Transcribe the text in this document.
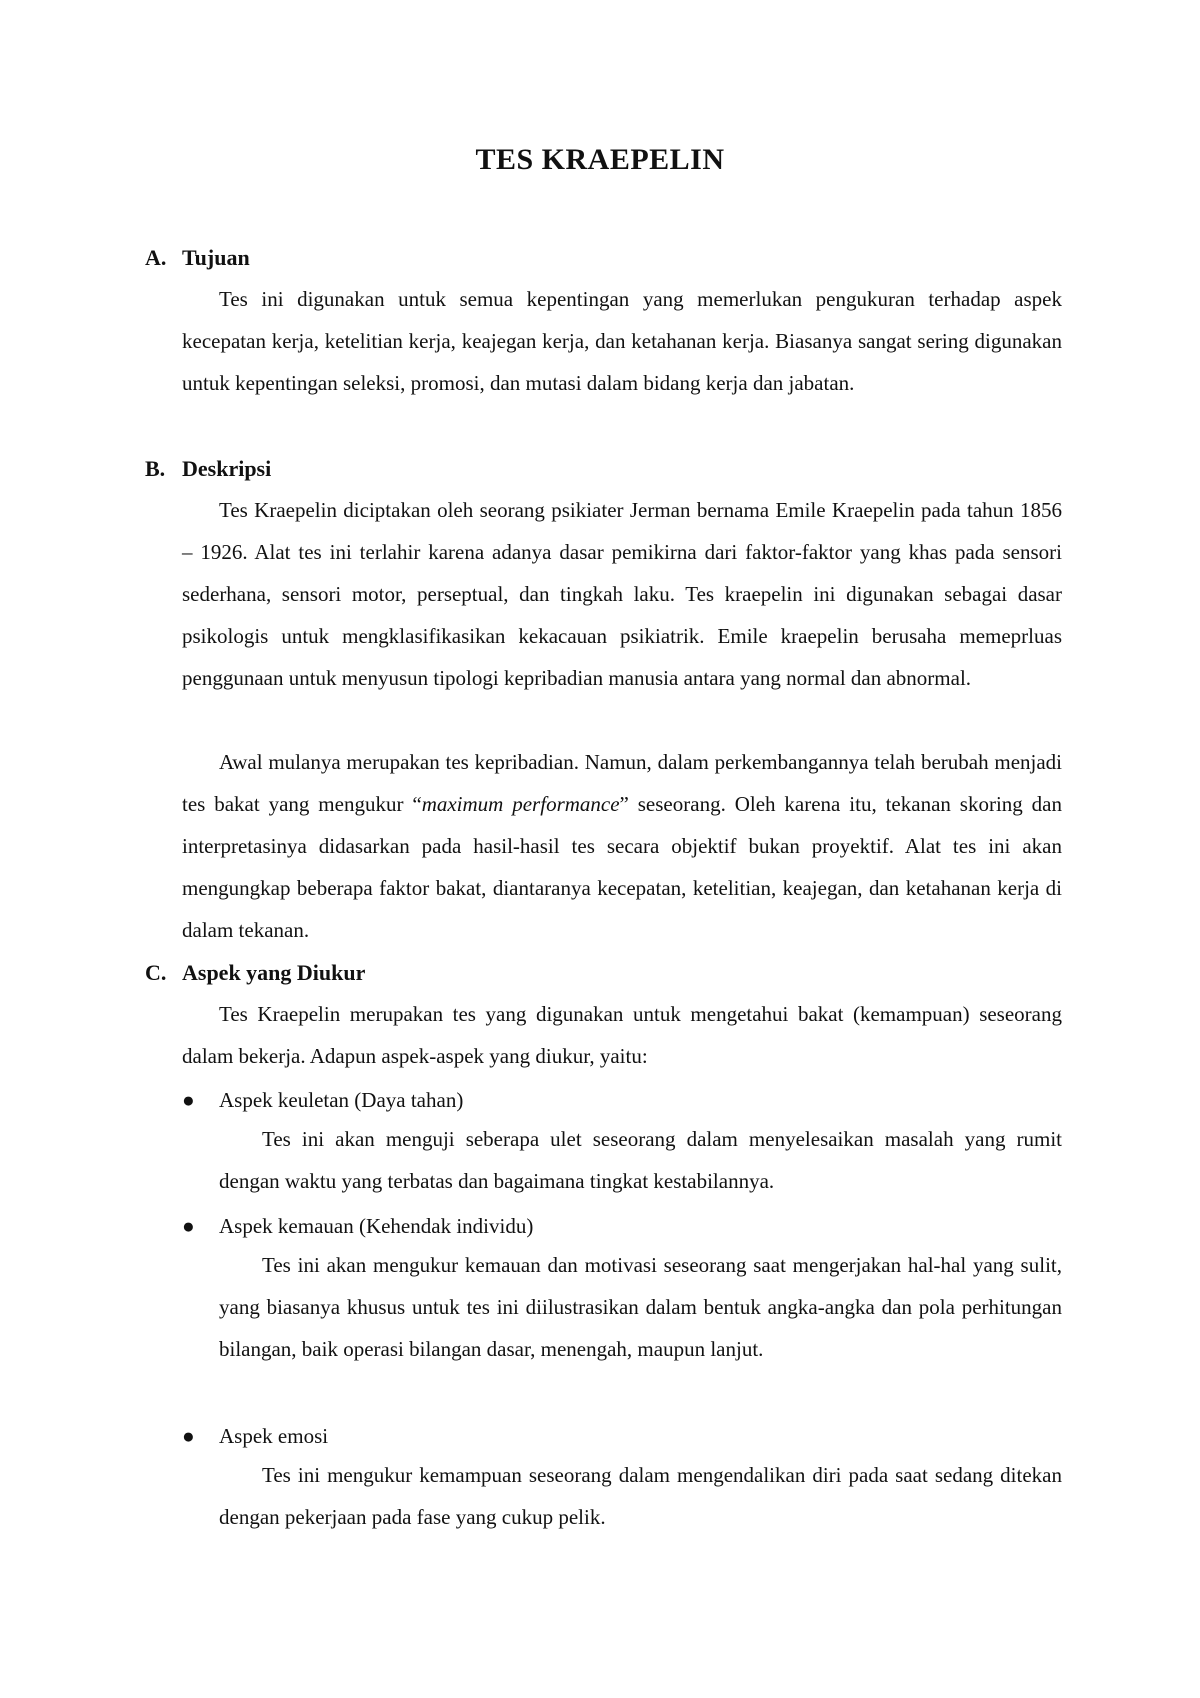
TES KRAEPELIN
A. Tujuan

Tes ini digunakan untuk semua kepentingan yang memerlukan pengukuran terhadap aspek kecepatan kerja, ketelitian kerja, keajegan kerja, dan ketahanan kerja. Biasanya sangat sering digunakan untuk kepentingan seleksi, promosi, dan mutasi dalam bidang kerja dan jabatan.

B. Deskripsi

Tes Kraepelin diciptakan oleh seorang psikiater Jerman bernama Emile Kraepelin pada tahun 1856 – 1926. Alat tes ini terlahir karena adanya dasar pemikirna dari faktor-faktor yang khas pada sensori sederhana, sensori motor, perseptual, dan tingkah laku. Tes kraepelin ini digunakan sebagai dasar psikologis untuk mengklasifikasikan kekacauan psikiatrik. Emile kraepelin berusaha memeprluas penggunaan untuk menyusun tipologi kepribadian manusia antara yang normal dan abnormal.

Awal mulanya merupakan tes kepribadian. Namun, dalam perkembangannya telah berubah menjadi tes bakat yang mengukur “maximum performance” seseorang. Oleh karena itu, tekanan skoring dan interpretasinya didasarkan pada hasil-hasil tes secara objektif bukan proyektif. Alat tes ini akan mengungkap beberapa faktor bakat, diantaranya kecepatan, ketelitian, keajegan, dan ketahanan kerja di dalam tekanan.

C. Aspek yang Diukur

Tes Kraepelin merupakan tes yang digunakan untuk mengetahui bakat (kemampuan) seseorang dalam bekerja. Adapun aspek-aspek yang diukur, yaitu:

● Aspek keuletan (Daya tahan)

Tes ini akan menguji seberapa ulet seseorang dalam menyelesaikan masalah yang rumit dengan waktu yang terbatas dan bagaimana tingkat kestabilannya.

● Aspek kemauan (Kehendak individu)

Tes ini akan mengukur kemauan dan motivasi seseorang saat mengerjakan hal-hal yang sulit, yang biasanya khusus untuk tes ini diilustrasikan dalam bentuk angka-angka dan pola perhitungan bilangan, baik operasi bilangan dasar, menengah, maupun lanjut.

● Aspek emosi

Tes ini mengukur kemampuan seseorang dalam mengendalikan diri pada saat sedang ditekan dengan pekerjaan pada fase yang cukup pelik.
